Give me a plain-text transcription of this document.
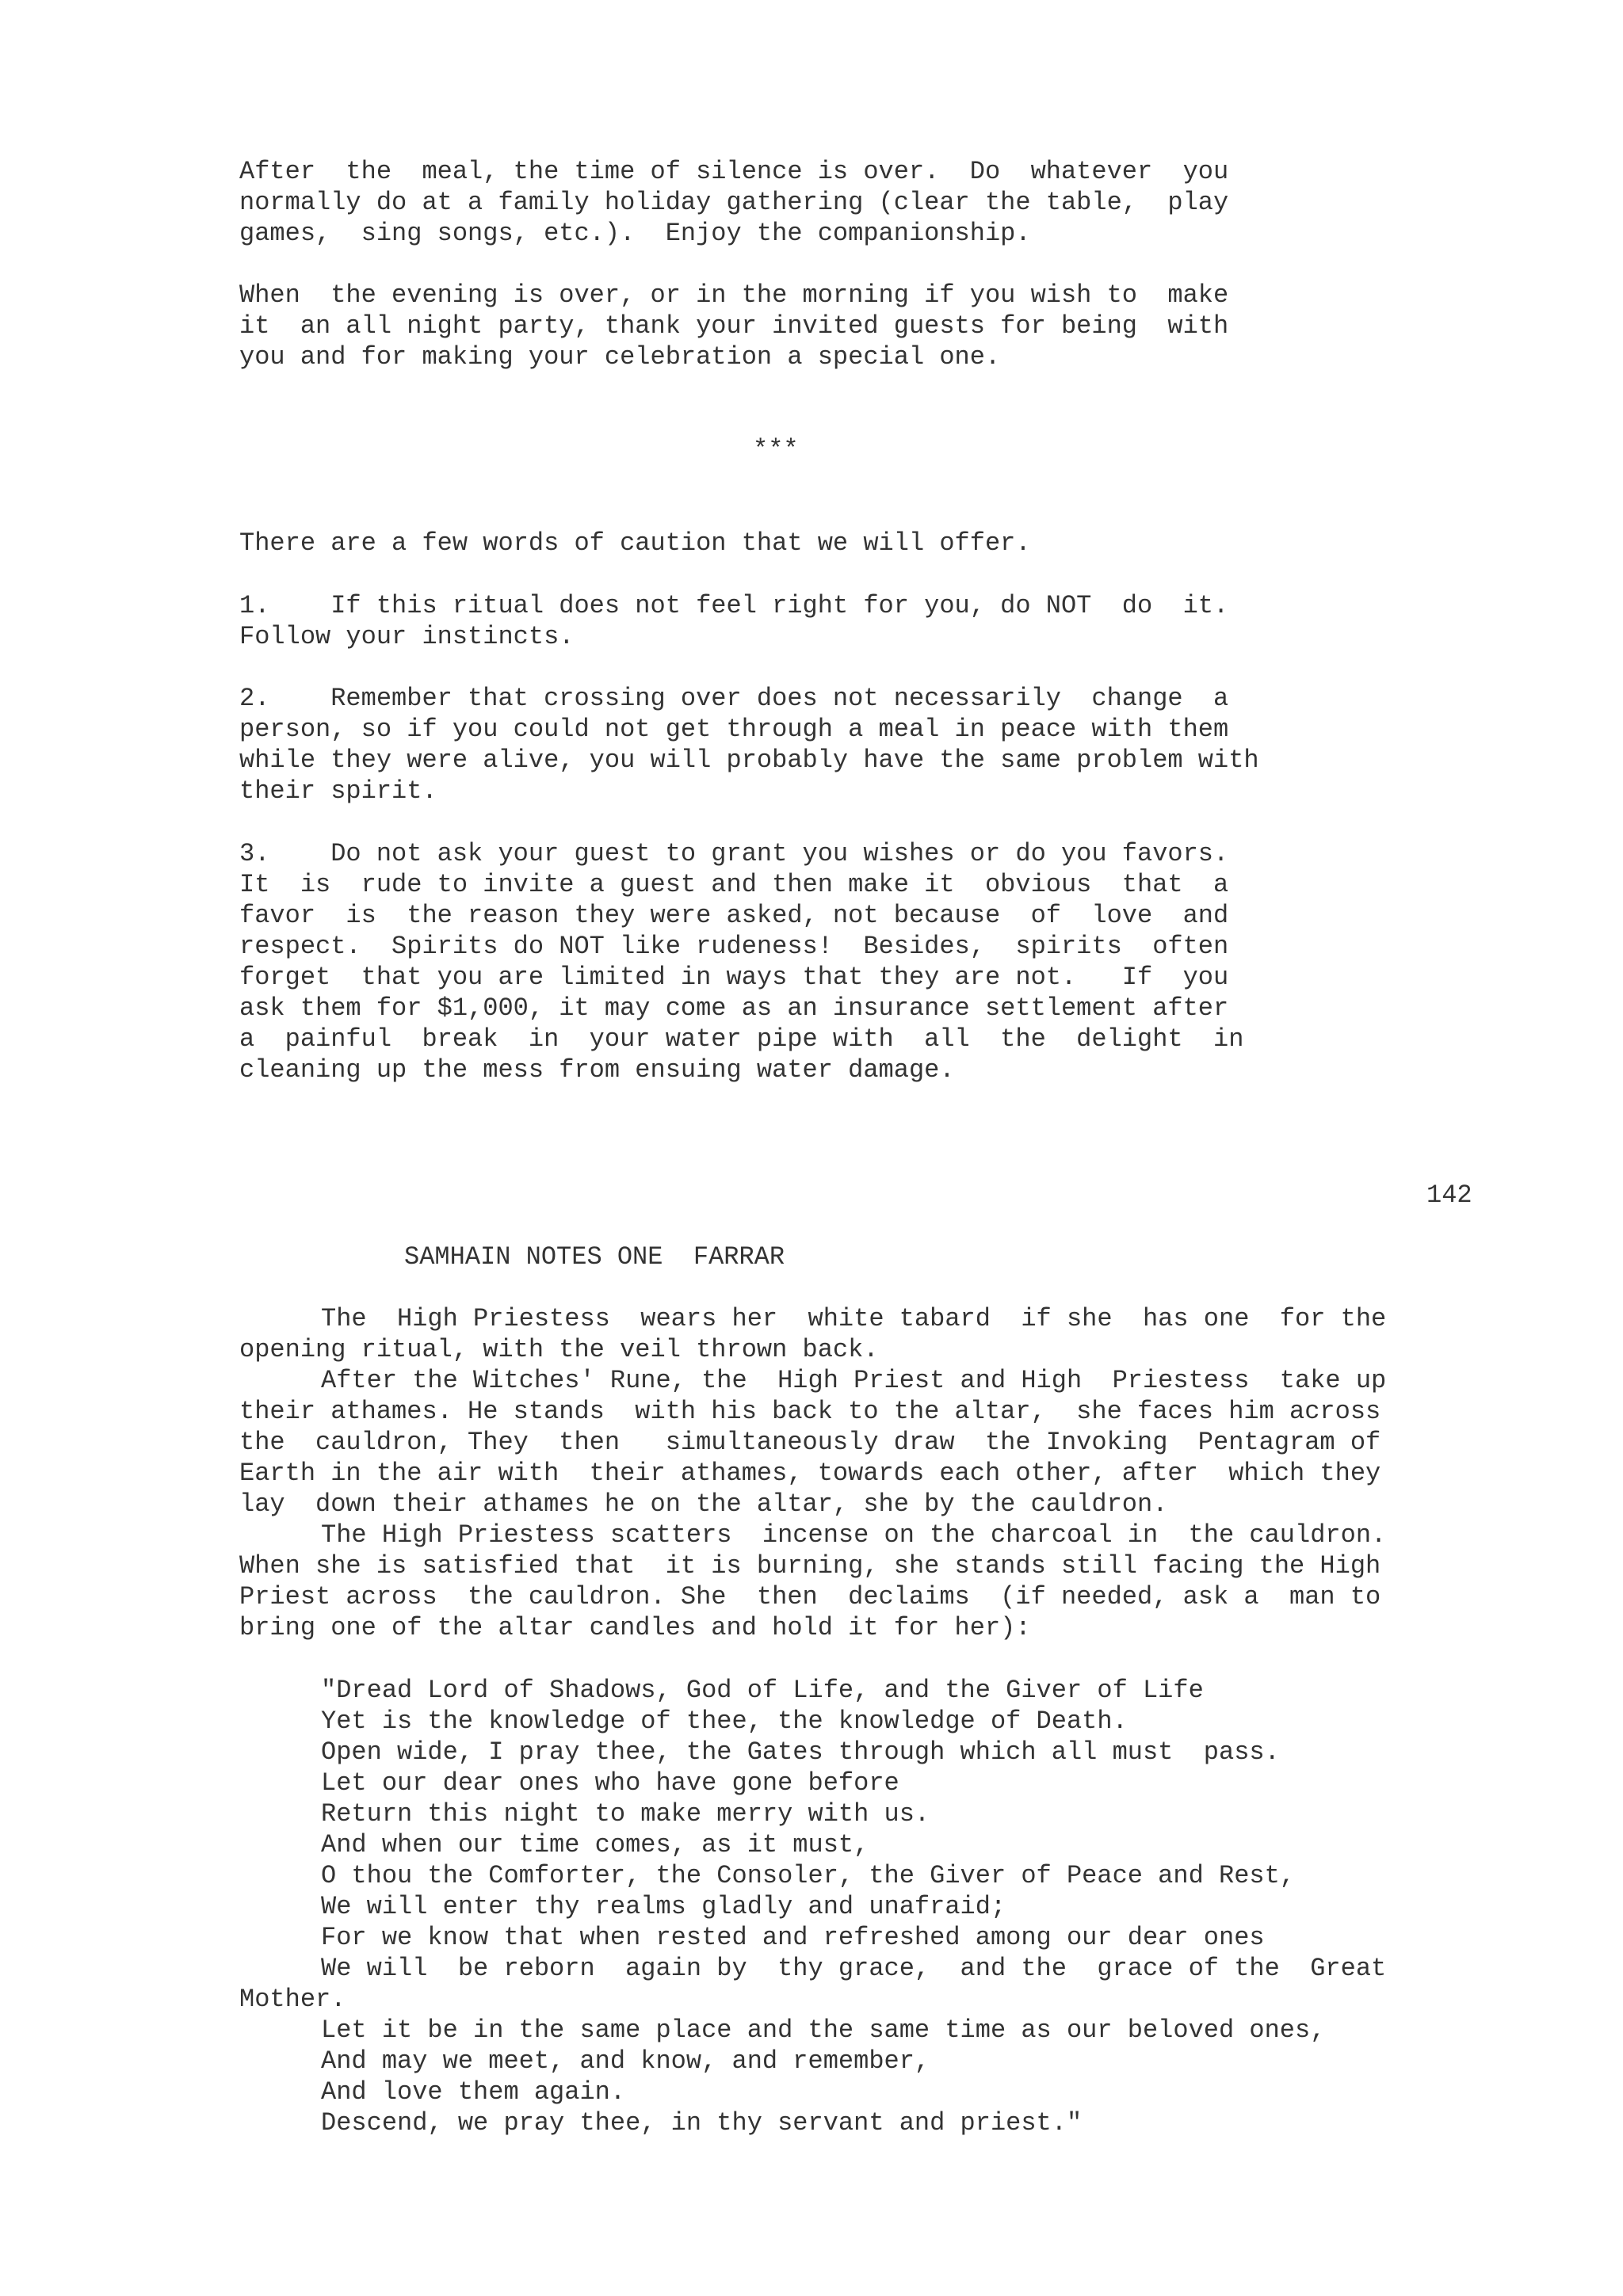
After  the  meal, the time of silence is over.  Do  whatever  you

normally do at a family holiday gathering (clear the table,  play

games,  sing songs, etc.).  Enjoy the companionship.

When  the evening is over, or in the morning if you wish to  make

it  an all night party, thank your invited guests for being  with

you and for making your celebration a special one.

***

There are a few words of caution that we will offer.

1.    If this ritual does not feel right for you, do NOT  do  it.

Follow your instincts.

2.    Remember that crossing over does not necessarily  change  a

person, so if you could not get through a meal in peace with them

while they were alive, you will probably have the same problem with

their spirit.

3.    Do not ask your guest to grant you wishes or do you favors.

It  is  rude to invite a guest and then make it  obvious  that  a

favor  is  the reason they were asked, not because  of  love  and

respect.  Spirits do NOT like rudeness!  Besides,  spirits  often

forget  that you are limited in ways that they are not.   If  you

ask them for $1,000, it may come as an insurance settlement after

a  painful  break  in  your water pipe with  all  the  delight  in

cleaning up the mess from ensuing water damage.

142

SAMHAIN NOTES ONE  FARRAR

The  High Priestess  wears her  white tabard  if she  has one  for the

opening ritual, with the veil thrown back.

After the Witches' Rune, the  High Priest and High  Priestess  take up

their athames. He stands  with his back to the altar,  she faces him across

the  cauldron, They  then   simultaneously draw  the Invoking  Pentagram of

Earth in the air with  their athames, towards each other, after  which they

lay  down their athames he on the altar, she by the cauldron.

The High Priestess scatters  incense on the charcoal in  the cauldron.

When she is satisfied that  it is burning, she stands still facing the High

Priest across  the cauldron. She  then  declaims  (if needed, ask a  man to

bring one of the altar candles and hold it for her):

"Dread Lord of Shadows, God of Life, and the Giver of Life

Yet is the knowledge of thee, the knowledge of Death.

Open wide, I pray thee, the Gates through which all must  pass.

Let our dear ones who have gone before

Return this night to make merry with us.

And when our time comes, as it must,

O thou the Comforter, the Consoler, the Giver of Peace and Rest,

We will enter thy realms gladly and unafraid;

For we know that when rested and refreshed among our dear ones

We will  be reborn  again by  thy grace,  and the  grace of the  Great

Mother.

Let it be in the same place and the same time as our beloved ones,

And may we meet, and know, and remember,

And love them again.

Descend, we pray thee, in thy servant and priest."
